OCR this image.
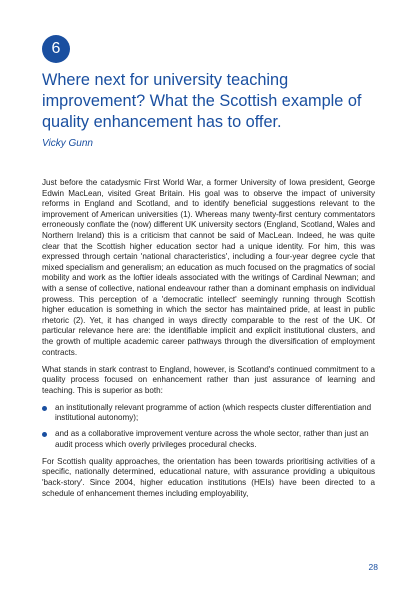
6
Where next for university teaching improvement? What the Scottish example of quality enhancement has to offer.
Vicky Gunn

Just before the catadysmic First World War, a former University of Iowa president, George Edwin MacLean, visited Great Britain. His goal was to observe the impact of university reforms in England and Scotland, and to identify beneficial suggestions relevant to the improvement of American universities (1). Whereas many twenty-first century commentators erroneously conflate the (now) different UK university sectors (England, Scotland, Wales and Northern Ireland) this is a criticism that cannot be said of MacLean. Indeed, he was quite clear that the Scottish higher education sector had a unique identity. For him, this was expressed through certain 'national characteristics', including a four-year degree cycle that mixed specialism and generalism; an education as much focused on the pragmatics of social mobility and work as the loftier ideals associated with the writings of Cardinal Newman; and with a sense of collective, national endeavour rather than a dominant emphasis on individual prowess. This perception of a 'democratic intellect' seemingly running through Scottish higher education is something in which the sector has maintained pride, at least in public rhetoric (2). Yet, it has changed in ways directly comparable to the rest of the UK. Of particular relevance here are: the identifiable implicit and explicit institutional clusters, and the growth of multiple academic career pathways through the diversification of employment contracts.

What stands in stark contrast to England, however, is Scotland's continued commitment to a quality process focused on enhancement rather than just assurance of learning and teaching. This is superior as both:

an institutionally relevant programme of action (which respects cluster differentiation and institutional autonomy);
and as a collaborative improvement venture across the whole sector, rather than just an audit process which overly privileges procedural checks.

For Scottish quality approaches, the orientation has been towards prioritising activities of a specific, nationally determined, educational nature, with assurance providing a ubiquitous 'back-story'. Since 2004, higher education institutions (HEIs) have been directed to a schedule of enhancement themes including employability,

28
